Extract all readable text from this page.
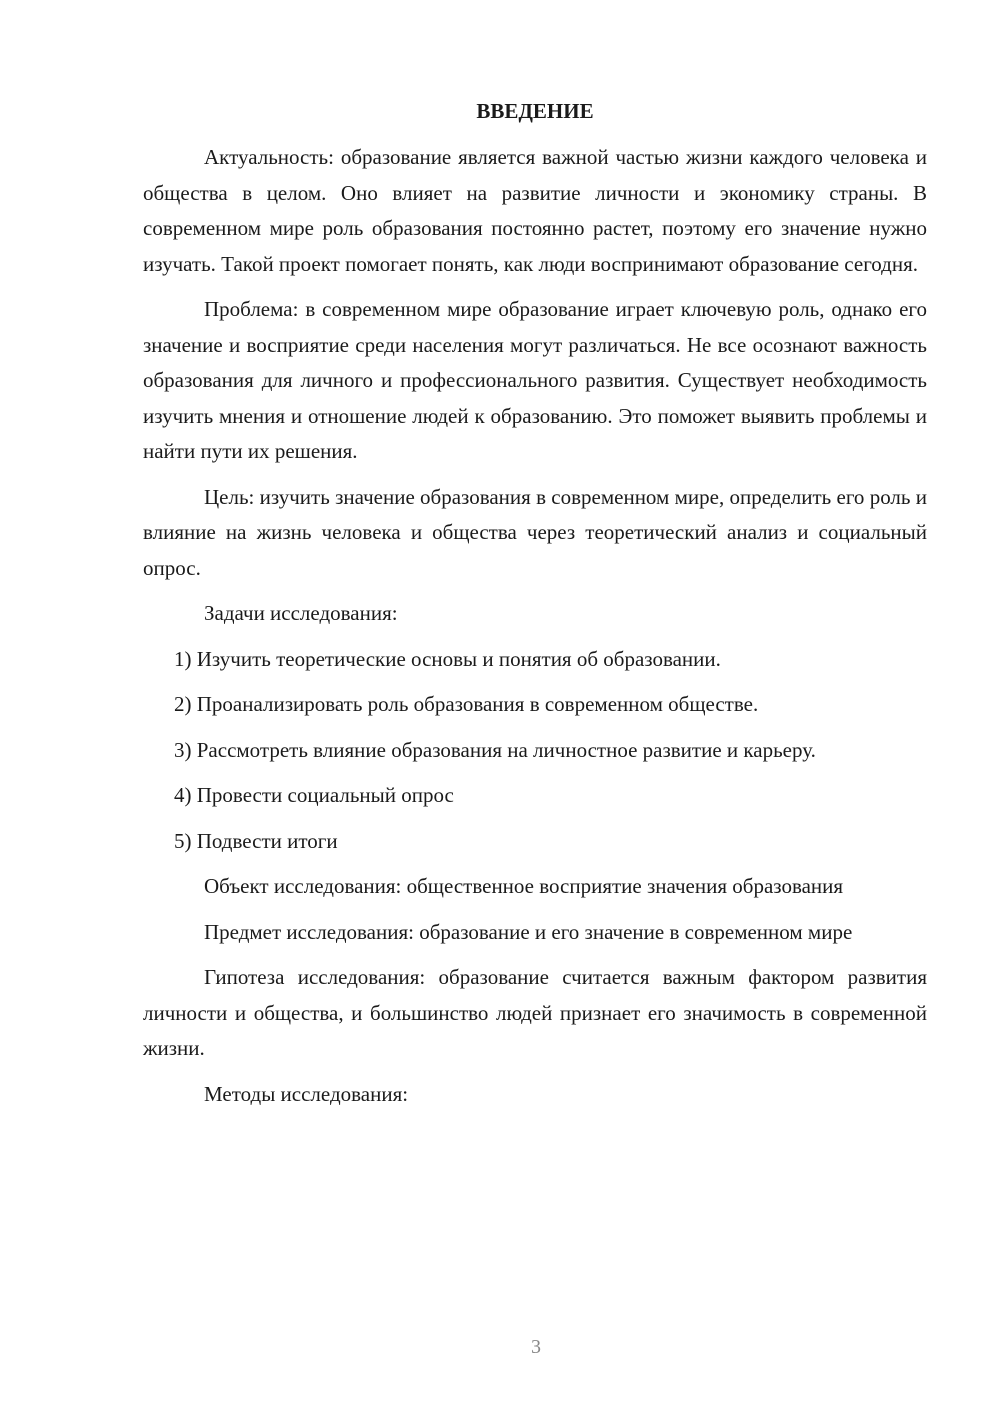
ВВЕДЕНИЕ

Актуальность: образование является важной частью жизни каждого человека и общества в целом. Оно влияет на развитие личности и экономику страны. В современном мире роль образования постоянно растет, поэтому его значение нужно изучать. Такой проект помогает понять, как люди воспринимают образование сегодня.

Проблема: в современном мире образование играет ключевую роль, однако его значение и восприятие среди населения могут различаться. Не все осознают важность образования для личного и профессионального развития. Существует необходимость изучить мнения и отношение людей к образованию. Это поможет выявить проблемы и найти пути их решения.

Цель: изучить значение образования в современном мире, определить его роль и влияние на жизнь человека и общества через теоретический анализ и социальный опрос.

Задачи исследования:

1) Изучить теоретические основы и понятия об образовании.

2) Проанализировать роль образования в современном обществе.

3) Рассмотреть влияние образования на личностное развитие и карьеру.

4) Провести социальный опрос

5) Подвести итоги

Объект исследования: общественное восприятие значения образования

Предмет исследования: образование и его значение в современном мире

Гипотеза исследования: образование считается важным фактором развития личности и общества, и большинство людей признает его значимость в современной жизни.

Методы исследования:

3
